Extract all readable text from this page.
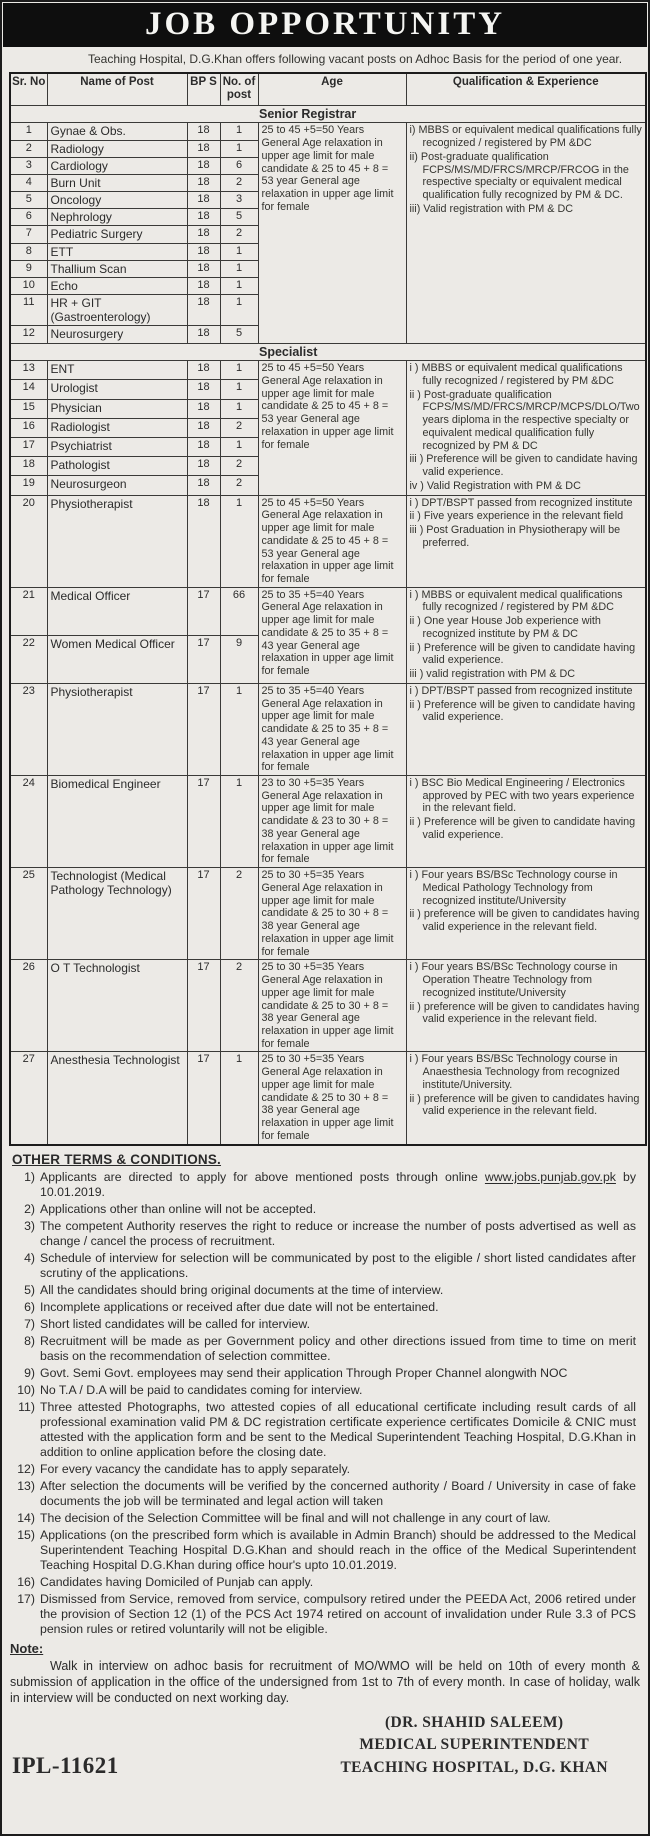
JOB OPPORTUNITY

Teaching Hospital, D.G.Khan offers following vacant posts on Adhoc Basis for the period of one year.

Sr. No	Name of Post	BP S	No. of post	Age	Qualification & Experience
Senior Registrar					
1	Gynae & Obs.	18	1	25 to 45 +5=50 Years General Age relaxation in upper age limit for male candidate & 25 to 45 + 8 = 53 year General age relaxation in upper age limit for female	i) MBBS or equivalent medical qualifications fully recognized / registered by PM &DC
ii) Post-graduate qualification FCPS/MS/MD/FRCS/MRCP/FRCOG in the respective specialty or equivalent medical qualification fully recognized by PM & DC.
iii) Valid registration with PM & DC

2	Radiology	18	1		
3	Cardiology	18	6		
4	Burn Unit	18	2		
5	Oncology	18	3		
6	Nephrology	18	5		
7	Pediatric Surgery	18	2		
8	ETT	18	1		
9	Thallium Scan	18	1		
10	Echo	18	1		
11	HR + GIT (Gastroenterology)	18	1		
12	Neurosurgery	18	5		
Specialist					
13	ENT	18	1	25 to 45 +5=50 Years General Age relaxation in upper age limit for male candidate & 25 to 45 + 8 = 53 year General age relaxation in upper age limit for female	i ) MBBS or equivalent medical qualifications fully recognized / registered by PM &DC
ii ) Post-graduate qualification FCPS/MS/MD/FRCS/MRCP/MCPS/DLO/Two years diploma in the respective specialty or equivalent medical qualification fully recognized by PM & DC
iii ) Preference will be given to candidate having valid experience.
iv ) Valid Registration with PM & DC

14	Urologist	18	1		
15	Physician	18	1		
16	Radiologist	18	2		
17	Psychiatrist	18	1		
18	Pathologist	18	2		
19	Neurosurgeon	18	2		
20	Physiotherapist	18	1	25 to 45 +5=50 Years General Age relaxation in upper age limit for male candidate & 25 to 45 + 8 = 53 year General age relaxation in upper age limit for female	i ) DPT/BSPT passed from recognized institute
ii ) Five years experience in the relevant field
iii ) Post Graduation in Physiotherapy will be preferred.

21	Medical Officer	17	66	25 to 35 +5=40 Years General Age relaxation in upper age limit for male candidate & 25 to 35 + 8 = 43 year General age relaxation in upper age limit for female	i ) MBBS or equivalent medical qualifications fully recognized / registered by PM &DC
ii ) One year House Job experience with recognized institute by PM & DC
ii ) Preference will be given to candidate having valid experience.
iii ) valid registration with PM & DC

22	Women Medical Officer	17	9		
23	Physiotherapist	17	1	25 to 35 +5=40 Years General Age relaxation in upper age limit for male candidate & 25 to 35 + 8 = 43 year General age relaxation in upper age limit for female	i ) DPT/BSPT passed from recognized institute
ii ) Preference will be given to candidate having valid experience.

24	Biomedical Engineer	17	1	23 to 30 +5=35 Years General Age relaxation in upper age limit for male candidate & 23 to 30 + 8 = 38 year General age relaxation in upper age limit for female	i ) BSC Bio Medical Engineering / Electronics approved by PEC with two years experience in the relevant field.
ii ) Preference will be given to candidate having valid experience.

25	Technologist (Medical Pathology Technology)	17	2	25 to 30 +5=35 Years General Age relaxation in upper age limit for male candidate & 25 to 30 + 8 = 38 year General age relaxation in upper age limit for female	i ) Four years BS/BSc Technology course in Medical Pathology Technology from recognized institute/University
ii ) preference will be given to candidates having valid experience in the relevant field.

26	O T Technologist	17	2	25 to 30 +5=35 Years General Age relaxation in upper age limit for male candidate & 25 to 30 + 8 = 38 year General age relaxation in upper age limit for female	i ) Four years BS/BSc Technology course in Operation Theatre Technology from recognized institute/University
ii ) preference will be given to candidates having valid experience in the relevant field.

27	Anesthesia Technologist	17	1	25 to 30 +5=35 Years General Age relaxation in upper age limit for male candidate & 25 to 30 + 8 = 38 year General age relaxation in upper age limit for female	i ) Four years BS/BSc Technology course in Anaesthesia Technology from recognized institute/University.
ii ) preference will be given to candidates having valid experience in the relevant field.
OTHER TERMS & CONDITIONS.
1) Applicants are directed to apply for above mentioned posts through online www.jobs.punjab.gov.pk by 10.01.2019.
2) Applications other than online will not be accepted.
3) The competent Authority reserves the right to reduce or increase the number of posts advertised as well as change / cancel the process of recruitment.
4) Schedule of interview for selection will be communicated by post to the eligible / short listed candidates after scrutiny of the applications.
5) All the candidates should bring original documents at the time of interview.
6) Incomplete applications or received after due date will not be entertained.
7) Short listed candidates will be called for interview.
8) Recruitment will be made as per Government policy and other directions issued from time to time on merit basis on the recommendation of selection committee.
9) Govt. Semi Govt. employees may send their application Through Proper Channel alongwith NOC
10) No T.A / D.A will be paid to candidates coming for interview.
11) Three attested Photographs, two attested copies of all educational certificate including result cards of all professional examination valid PM & DC registration certificate experience certificates Domicile & CNIC must attested with the application form and be sent to the Medical Superintendent Teaching Hospital, D.G.Khan in addition to online application before the closing date.
12) For every vacancy the candidate has to apply separately.
13) After selection the documents will be verified by the concerned authority / Board / University in case of fake documents the job will be terminated and legal action will taken
14) The decision of the Selection Committee will be final and will not challenge in any court of law.
15) Applications (on the prescribed form which is available in Admin Branch) should be addressed to the Medical Superintendent Teaching Hospital D.G.Khan and should reach in the office of the Medical Superintendent Teaching Hospital D.G.Khan during office hour's upto 10.01.2019.
16) Candidates having Domiciled of Punjab can apply.
17) Dismissed from Service, removed from service, compulsory retired under the PEEDA Act, 2006 retired under the provision of Section 12 (1) of the PCS Act 1974 retired on account of invalidation under Rule 3.3 of PCS pension rules or retired voluntarily will not be eligible.
Note:

Walk in interview on adhoc basis for recruitment of MO/WMO will be held on 10th of every month & submission of application in the office of the undersigned from 1st to 7th of every month. In case of holiday, walk in interview will be conducted on next working day.

IPL-11621
(DR. SHAHID SALEEM)
MEDICAL SUPERINTENDENT
TEACHING HOSPITAL, D.G. KHAN
